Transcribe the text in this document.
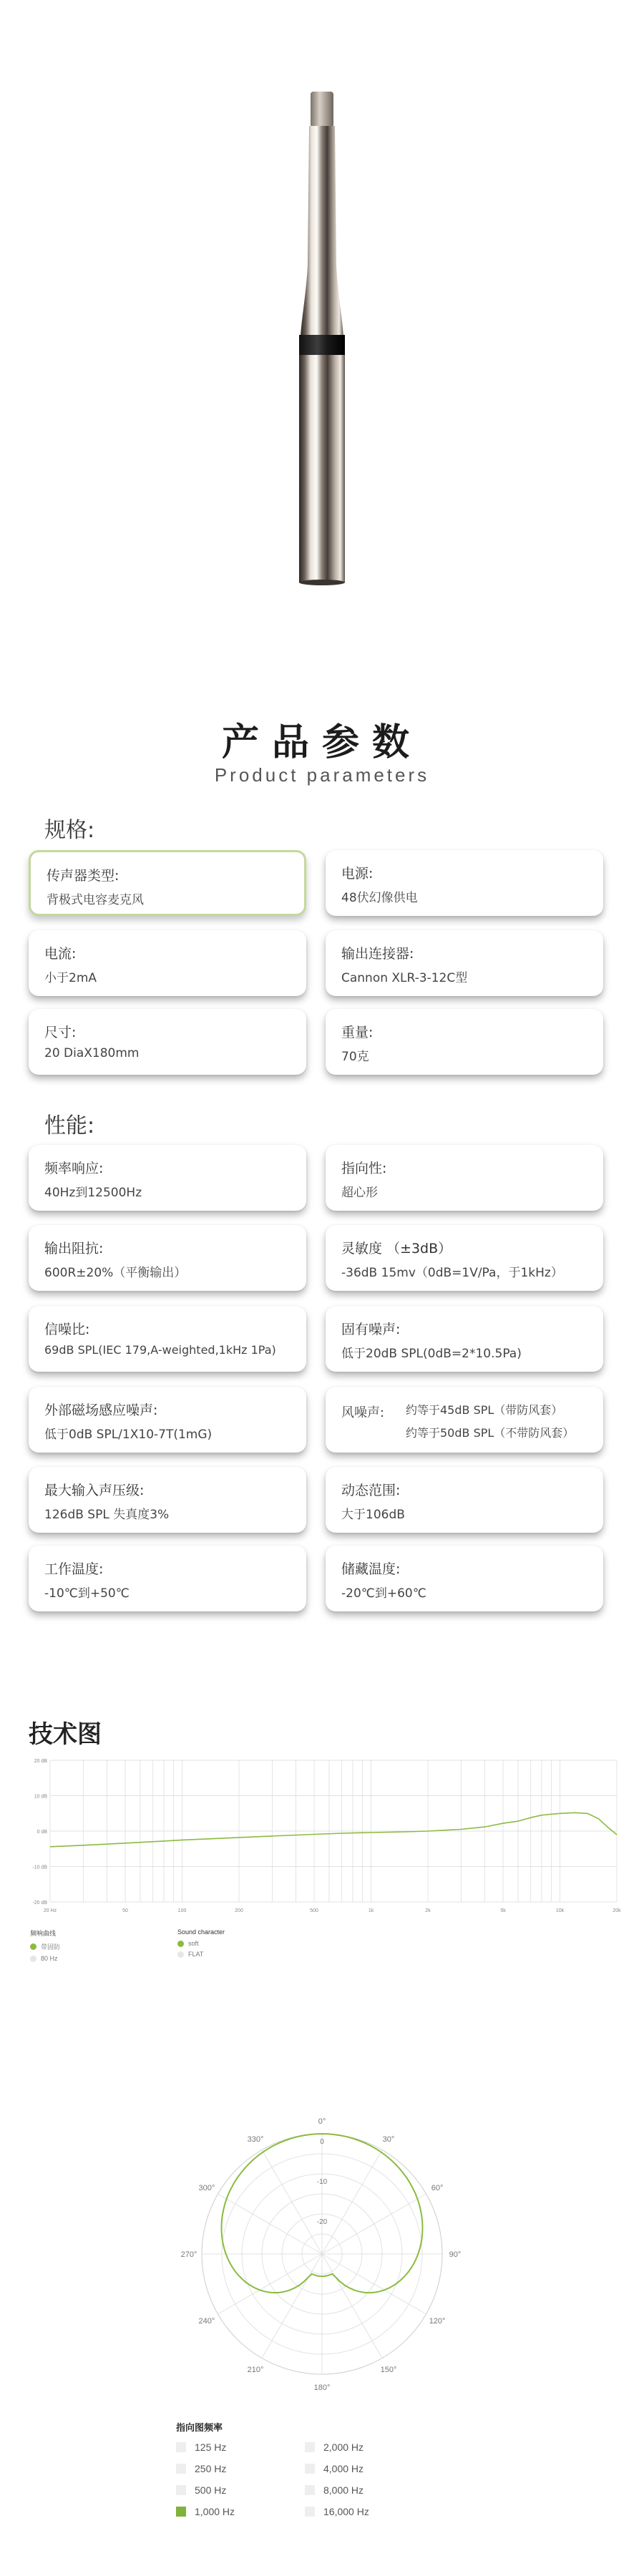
产品参数
Product parameters
规格:
传声器类型:
背极式电容麦克风
电源:
48伏幻像供电
电流:
小于2mA
输出连接器:
Cannon XLR-3-12C型
尺寸:
20 DiaX180mm
重量:
70克
性能:
频率响应:
40Hz到12500Hz
指向性:
超心形
输出阻抗:
600R±20%（平衡输出）
灵敏度 （±3dB）
-36dB 15mv（0dB=1V/Pa，于1kHz）
信噪比:
69dB SPL(IEC 179,A-weighted,1kHz 1Pa)
固有噪声:
低于20dB SPL(0dB=2*10.5Pa)
外部磁场感应噪声:
低于0dB SPL/1X10-7T(1mG)
风噪声: 约等于45dB SPL（带防风套）
约等于50dB SPL（不带防风套）
最大输入声压级:
126dB SPL 失真度3%
动态范围:
大于106dB
工作温度:
-10℃到+50℃
储藏温度:
-20℃到+60℃
技术图
20 dB
10 dB
0 dB
-10 dB
-20 dB
20 Hz	50	100	200	500	1k	2k	5k	10k	20k
频响曲线
带固防
80 Hz
Sound character
soft
FLAT
0°
30°
60°
90°
120°
150°
180°
210°
240°
270°
300°
330°	0
-10
-20
指向图频率
125 Hz	2,000 Hz
250 Hz	4,000 Hz
500 Hz	8,000 Hz
1,000 Hz	16,000 Hz
